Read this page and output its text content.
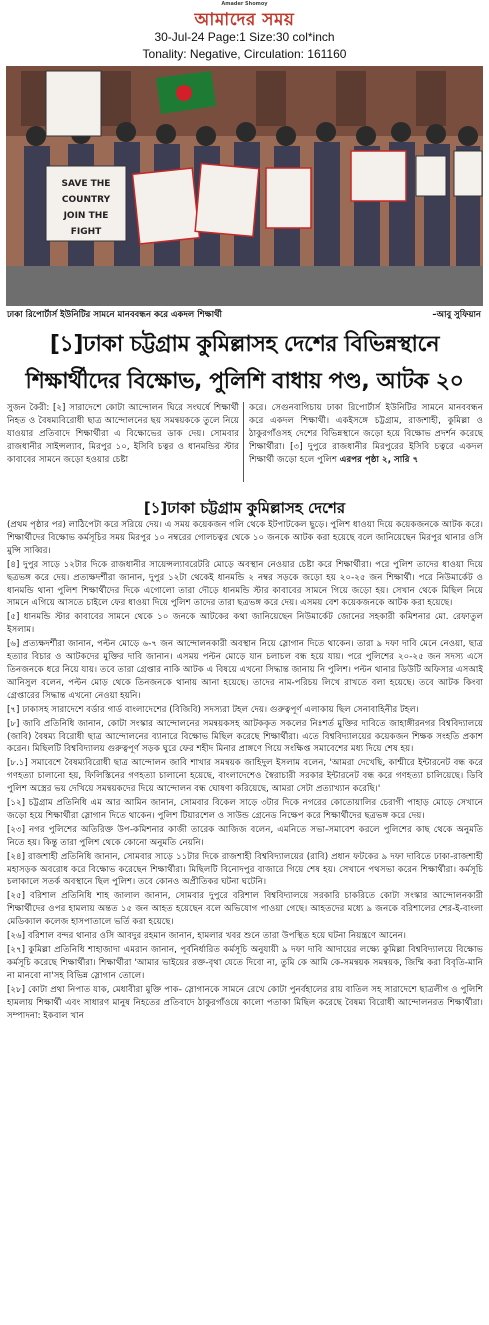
Amader Shomoy
আমাদের সময়
30-Jul-24 Page:1 Size:30 col*inch
Tonality: Negative, Circulation: 161160
SAVE THE
COUNTRY
JOIN THE
FIGHT
ঢাকা রিপোর্টার্স ইউনিটির সামনে মানববন্ধন করে একদল শিক্ষার্থী	–আবু সুফিয়ান
[১]ঢাকা চট্টগ্রাম কুমিল্লাসহ দেশের বিভিন্নস্থানে
শিক্ষার্থীদের বিক্ষোভ, পুলিশি বাধায় পণ্ড, আটক ২০
সুজন কৈরী: [২] সারাদেশে কোটা আন্দোলন ঘিরে সংঘর্ষে শিক্ষার্থী নিহত ও বৈষম্যবিরোধী ছাত্র আন্দোলনের ছয় সমন্বয়ককে তুলে নিয়ে যাওয়ার প্রতিবাদে শিক্ষার্থীরা এ বিক্ষোভের ডাক দেয়। সোমবার রাজধানীর সাইন্সল্যাব, মিরপুর ১০, ইসিবি চত্বর ও ধানমন্ডির স্টার কাবাবের সামনে জড়ো হওয়ার চেষ্টা
করে। সেগুনবাগিচায় ঢাকা রিপোর্টার্স ইউনিটির সামনে মানববন্ধন করে একদল শিক্ষার্থী। একইসঙ্গে চট্টগ্রাম, রাজশাহী, কুমিল্লা ও ঠাকুরগাঁওসহ দেশের বিভিন্নস্থানে জড়ো হয়ে বিক্ষোভ প্রদর্শন করেছে শিক্ষার্থীরা। [৩] দুপুরে রাজধানীর মিরপুরের ইসিবি চত্বরে একদল শিক্ষার্থী জড়ো হলে পুলিশ এরপর পৃষ্ঠা ২, সারি ৭
[১]ঢাকা চট্টগ্রাম কুমিল্লাসহ দেশের

(প্রথম পৃষ্ঠার পর) লাঠিপেটা করে সরিয়ে দেয়। এ সময় কয়েকজন গলি থেকে ইটপাটকেল ছুড়ে। পুলিশ ধাওয়া দিয়ে কয়েকজনকে আটক করে। শিক্ষার্থীদের বিক্ষোভ কর্মসূচির সময় মিরপুর ১০ নম্বরের গোলচত্বর থেকে ১০ জনকে আটক করা হয়েছে বলে জানিয়েছেন মিরপুর থানার ওসি মুন্সি সাব্বির।

[৪] দুপুর সাড়ে ১২টার দিকে রাজধানীর সায়েন্সল্যাবরেটরি মোড়ে অবস্থান নেওয়ার চেষ্টা করে শিক্ষার্থীরা। পরে পুলিশ তাদের ধাওয়া দিয়ে ছত্রভঙ্গ করে দেয়। প্রত্যক্ষদর্শীরা জানান, দুপুর ১২টা থেকেই ধানমন্ডি ২ নম্বর সড়কে জড়ো হয় ২০-২৫ জন শিক্ষার্থী। পরে নিউমার্কেট ও ধানমন্ডি থানা পুলিশ শিক্ষার্থীদের দিকে এগোলো তারা দৌড়ে ধানমন্ডি স্টার কাবাবের সামনে গিয়ে জড়ো হয়। সেখান থেকে মিছিল নিয়ে সামনে এগিয়ে আসতে চাইলে ফের ধাওয়া দিয়ে পুলিশ তাদের তারা ছত্রভঙ্গ করে দেয়। এসময় বেশ কয়েকজনকে আটক করা হয়েছে।

[৫] ধানমন্ডি স্টার কাবাবের সামনে থেকে ১০ জনকে আটকের কথা জানিয়েছেন নিউমার্কেট জোনের সহকারী কমিশনার মো. রেফাতুল ইসলাম।

[৬] প্রত্যক্ষদর্শীরা জানান, পল্টন মোড়ে ৬-৭ জন আন্দোলনকারী অবস্থান নিয়ে স্লোগান দিতে থাকেন। তারা ৯ দফা দাবি মেনে নেওয়া, ছাত্র হত্যার বিচার ও আটকদের মুক্তির দাবি জানান। এসময় পল্টন মোড়ে যান চলাচল বন্ধ হয়ে যায়। পরে পুলিশের ২০-২৫ জন সদস্য এসে তিনজনকে ধরে নিয়ে যায়। তবে তারা গ্রেপ্তার নাকি আটক এ বিষয়ে এখনো সিদ্ধান্ত জানায় নি পুলিশ। পল্টন থানার ডিউটি অফিসার এসআই আনিসুল বলেন, পল্টন মোড় থেকে তিনজনকে থানায় আনা হয়েছে। তাদের নাম-পরিচয় লিখে রাখতে বলা হয়েছে। তবে আটক কিংবা গ্রেপ্তারের সিদ্ধান্ত এখনো নেওয়া হয়নি।

[৭] ঢাকাসহ সারাদেশে বর্ডার গার্ড বাংলাদেশের (বিজিবি) সদস্যরা টহল দেয়। গুরুত্বপূর্ণ এলাকায় ছিল সেনাবাহিনীর টহল।

[৮] জাবি প্রতিনিধি জানান, কোটা সংস্কার আন্দোলনের সমন্বয়কসহ আটককৃত সকলের নিঃশর্ত মুক্তির দাবিতে জাহাঙ্গীরনগর বিশ্ববিদ্যালয়ে (জাবি) বৈষম্য বিরোধী ছাত্র আন্দোলনের ব্যানারে বিক্ষোভ মিছিল করেছে শিক্ষার্থীরা। এতে বিশ্ববিদ্যালয়ের কয়েকজন শিক্ষক সংহতি প্রকাশ করেন। মিছিলটি বিশ্ববিদ্যালয় গুরুত্বপূর্ণ সড়ক ঘুরে ফের শহীদ মিনার প্রাঙ্গণে গিয়ে সংক্ষিপ্ত সমাবেশের মধ্য দিয়ে শেষ হয়।

[৮.১] সমাবেশে বৈষম্যবিরোধী ছাত্র আন্দোলন জাবি শাখার সমন্বয়ক জাহিদুল ইসলাম বলেন, 'আমরা দেখেছি, কাশ্মীরে ইন্টারনেট বন্ধ করে গণহত্যা চালানো হয়, ফিলিস্তিনের গণহত্যা চালানো হয়েছে, বাংলাদেশেও স্বৈরাচারী সরকার ইন্টারনেট বন্ধ করে গণহত্যা চালিয়েছে। ডিবি পুলিশ অস্ত্রের ভয় দেখিয়ে সমন্বয়কদের দিয়ে আন্দোলন বন্ধ ঘোষণা করিয়েছে, আমরা সেটা প্রত্যাখ্যান করেছি।'

[১২] চট্টগ্রাম প্রতিনিধি এম আর আমিন জানান, সোমবার বিকেল সাড়ে ৩টার দিকে নগরের কোতোয়ালির চেরাগী পাহাড় মোড়ে সেখানে জড়ো হয়ে শিক্ষার্থীরা স্লোগান দিতে থাকেন। পুলিশ টিয়ারশেল ও সাউন্ড গ্রেনেড নিক্ষেপ করে শিক্ষার্থীদের ছত্রভঙ্গ করে দেয়।

[২৩] নগর পুলিশের অতিরিক্ত উপ-কমিশনার কাজী তারেক আজিজ বলেন, এমনিতে সভা-সমাবেশ করলে পুলিশের কাছ থেকে অনুমতি নিতে হয়। কিন্তু তারা পুলিশ থেকে কোনো অনুমতি নেয়নি।

[২৪] রাজশাহী প্রতিনিধি জানান, সোমবার সাড়ে ১১টার দিকে রাজশাহী বিশ্ববিদ্যালয়ের (রাবি) প্রধান ফটকের ৯ দফা দাবিতে ঢাকা-রাজশাহী মহাসড়ক অবরোধ করে বিক্ষোভ করেছেন শিক্ষার্থীরা। মিছিলটি বিনোদপুর বাজারে গিয়ে শেষ হয়। সেখানে পথসভা করেন শিক্ষার্থীরা। কর্মসূচি চলাকালে সতর্ক অবস্থানে ছিল পুলিশ। তবে কোনও অপ্রীতিকর ঘটনা ঘটেনি।

[২৫] বরিশাল প্রতিনিধি শাহ জালাল জানান, সোমবার দুপুরে বরিশাল বিশ্ববিদ্যালয়ে সরকারি চাকরিতে কোটা সংস্কার আন্দোলনকারী শিক্ষার্থীদের ওপর হামলায় অন্তত ১৫ জন আহত হয়েছেন বলে অভিযোগ পাওয়া গেছে। আহতদের মধ্যে ৯ জনকে বরিশালের শের-ই-বাংলা মেডিক্যাল কলেজ হাসপাতালে ভর্তি করা হয়েছে।

[২৬] বরিশাল বন্দর থানার ওসি আবদুর রহমান জানান, হামলার খবর শুনে তারা উপস্থিত হয়ে ঘটনা নিয়ন্ত্রণে আনেন।

[২৭] কুমিল্লা প্রতিনিধি শাহাজাদা এমরান জানান, পূর্বনির্ধারিত কর্মসূচি অনুযায়ী ৯ দফা দাবি আদায়ের লক্ষ্যে কুমিল্লা বিশ্ববিদ্যালয়ে বিক্ষোভ কর্মসূচি করেছে শিক্ষার্থীরা। শিক্ষার্থীরা 'আমার ভাইয়ের রক্ত-বৃথা যেতে দিবো না, তুমি কে আমি কে-সমন্বয়ক সমন্বয়ক, জিম্মি করা বিবৃতি-মানি না মানবো না'সহ বিভিন্ন স্লোগান তোলে।

[২৮] কোটা প্রথা নিপাত যাক, মেধাবীরা মুক্তি পাক- স্লোগানকে সামনে রেখে কোটা পুনর্বহালের রায় বাতিল সহ সারাদেশে ছাত্রলীগ ও পুলিশি হামলায় শিক্ষার্থী এবং সাধারণ মানুষ নিহতের প্রতিবাদে ঠাকুরগাঁওয়ে কালো পতাকা মিছিল করেছে বৈষম্য বিরোধী আন্দোলনরত শিক্ষার্থীরা। সম্পাদনা: ইকবাল খান
